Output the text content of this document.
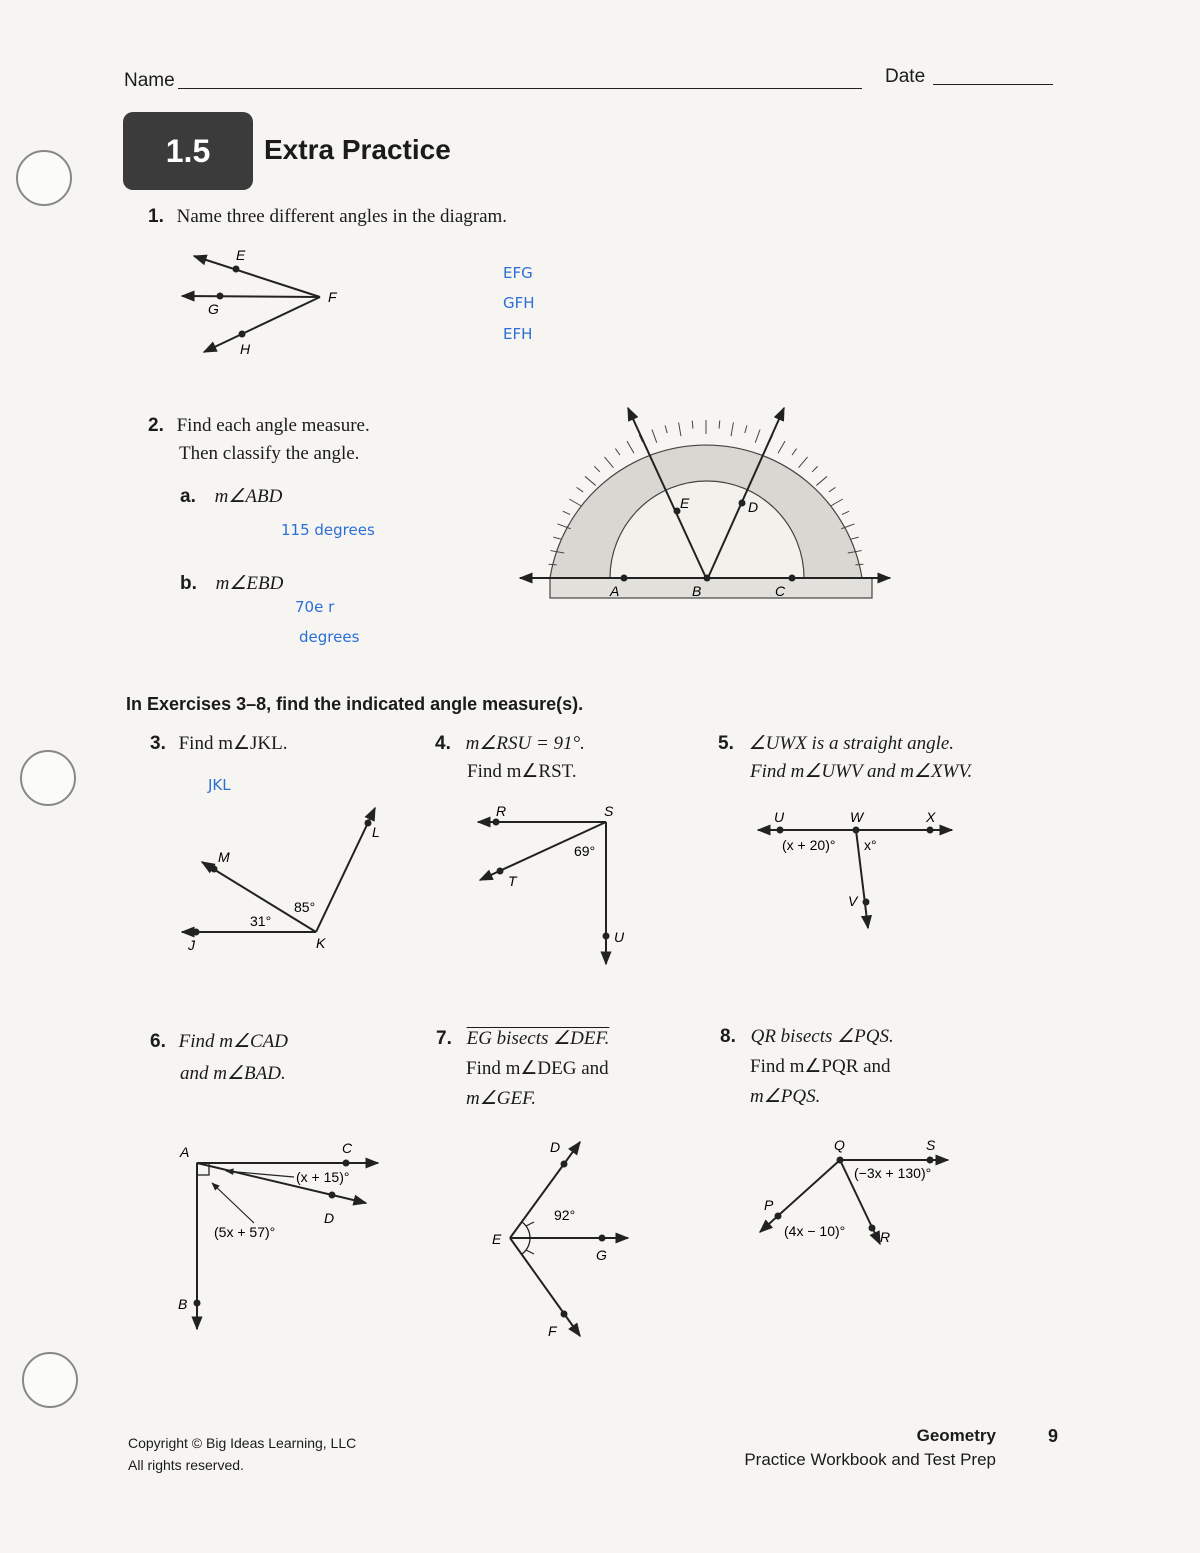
Name	Date
1.5	Extra Practice
1. Name three different angles in the diagram.
E
F
G
H
EFG
GFH
EFH
2. Find each angle measure.
Then classify the angle.
a. m∠ABD
115 degrees
b. m∠EBD
70e r
degrees
A	B	C
D
E
In Exercises 3–8, find the indicated angle measure(s).
3. Find m∠JKL.
JKL
J	K
L
M
31°
85°
4. m∠RSU = 91°.
Find m∠RST.
R	S
T
U
69°
5. ∠UWX is a straight angle.
Find m∠UWV and m∠XWV.
U	W	X
V
(x + 20)° x°
6. Find m∠CAD
and m∠BAD.
A
B
C
D
(x + 15)°
(5x + 57)°
7. EG bisects ∠DEF.
Find m∠DEG and
m∠GEF.
D
E
F
G
92°
8. QR bisects ∠PQS.
Find m∠PQR and
m∠PQS.
Q	S
P
R
(−3x + 130)°
(4x − 10)°
Copyright © Big Ideas Learning, LLC
All rights reserved.
Geometry
Practice Workbook and Test Prep
9
